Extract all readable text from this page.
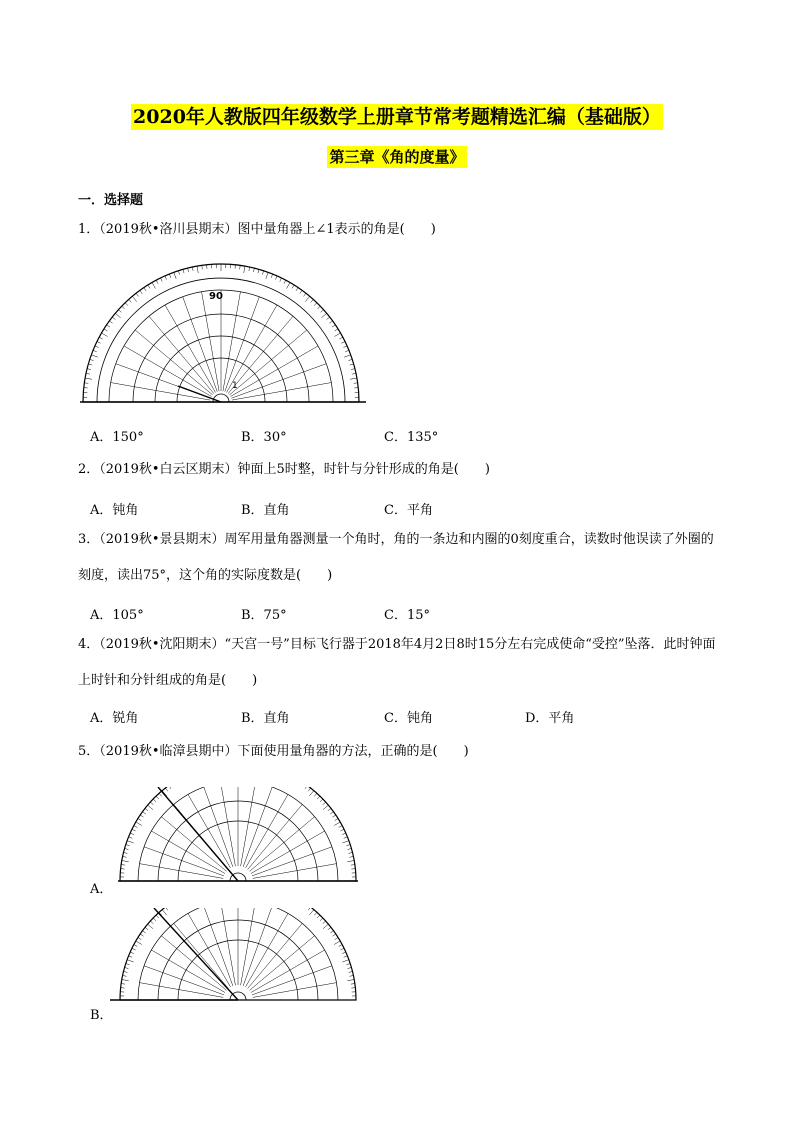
2020年人教版四年级数学上册章节常考题精选汇编（基础版）
第三章《角的度量》
一．选择题
1．（2019秋•洛川县期末）图中量角器上∠1表示的角是(　　)
90
1
A．150°	B．30°	C．135°
2．（2019秋•白云区期末）钟面上5时整，时针与分针形成的角是(　　)
A．钝角	B．直角	C．平角
3．（2019秋•景县期末）周军用量角器测量一个角时，角的一条边和内圈的0刻度重合，读数时他误读了外圈的刻度，读出75°，这个角的实际度数是(　　)
A．105°	B．75°	C．15°
4．（2019秋•沈阳期末）“天宫一号”目标飞行器于2018年4月2日8时15分左右完成使命“受控”坠落．此时钟面上时针和分针组成的角是(　　)
A．锐角	B．直角	C．钝角	D．平角
5．（2019秋•临漳县期中）下面使用量角器的方法，正确的是(　　)
A．
B．
